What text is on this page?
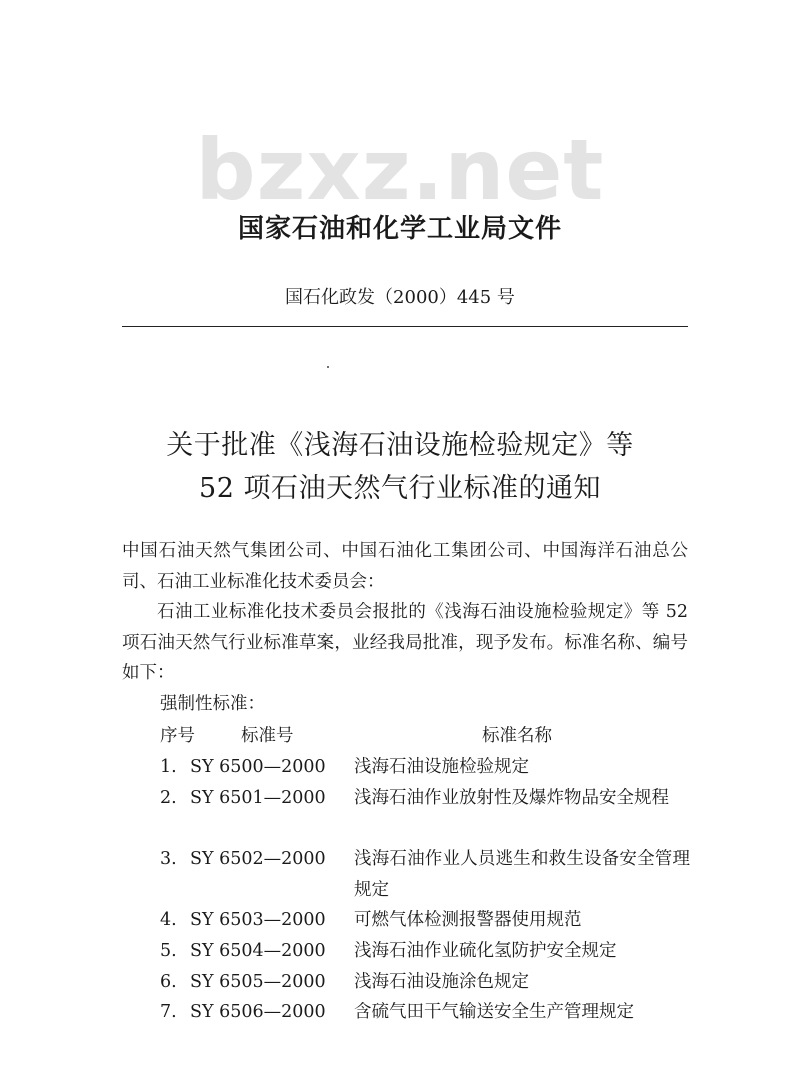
bzxz.net
国家石油和化学工业局文件
国石化政发（2000）445 号
关于批准《浅海石油设施检验规定》等
52 项石油天然气行业标准的通知
中国石油天然气集团公司、中国石油化工集团公司、中国海洋石油总公司、石油工业标准化技术委员会：
石油工业标准化技术委员会报批的《浅海石油设施检验规定》等 52 项石油天然气行业标准草案，业经我局批准，现予发布。标准名称、编号如下：
强制性标准：
序号	标准号	标准名称
1. SY 6500—2000 浅海石油设施检验规定
2. SY 6501—2000 浅海石油作业放射性及爆炸物品安全规程
3. SY 6502—2000 浅海石油作业人员逃生和救生设备安全管理规定
4. SY 6503—2000 可燃气体检测报警器使用规范
5. SY 6504—2000 浅海石油作业硫化氢防护安全规定
6. SY 6505—2000 浅海石油设施涂色规定
7. SY 6506—2000 含硫气田干气输送安全生产管理规定
